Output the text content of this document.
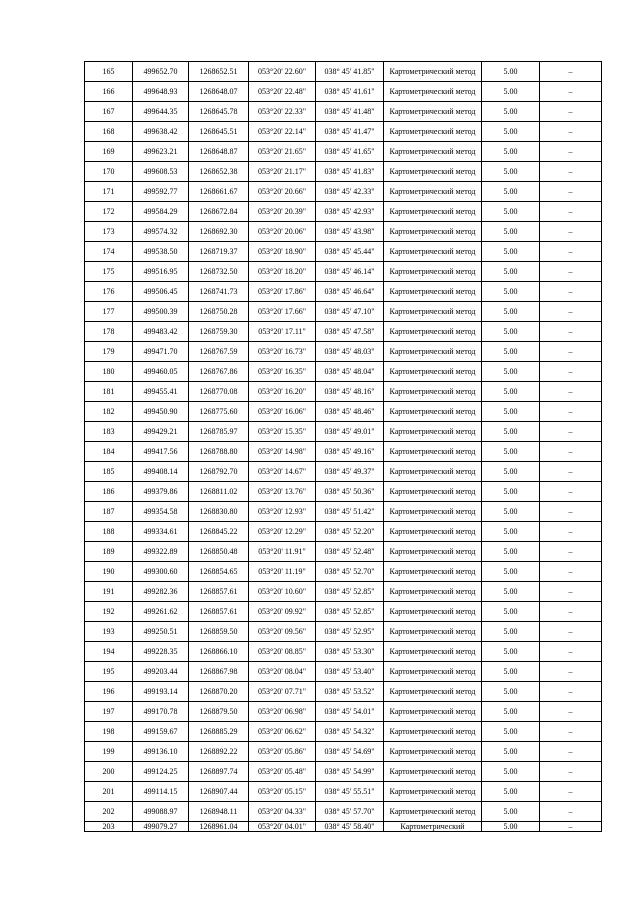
165	499652.70	1268652.51	053°20' 22.60"	038° 45' 41.85"	Картометрический метод	5.00	–
166	499648.93	1268648.07	053°20' 22.48"	038° 45' 41.61"	Картометрический метод	5.00	–
167	499644.35	1268645.78	053°20' 22.33"	038° 45' 41.48"	Картометрический метод	5.00	–
168	499638.42	1268645.51	053°20' 22.14"	038° 45' 41.47"	Картометрический метод	5.00	–
169	499623.21	1268648.87	053°20' 21.65"	038° 45' 41.65"	Картометрический метод	5.00	–
170	499608.53	1268652.38	053°20' 21.17"	038° 45' 41.83"	Картометрический метод	5.00	–
171	499592.77	1268661.67	053°20' 20.66"	038° 45' 42.33"	Картометрический метод	5.00	–
172	499584.29	1268672.84	053°20' 20.39"	038° 45' 42.93"	Картометрический метод	5.00	–
173	499574.32	1268692.30	053°20' 20.06"	038° 45' 43.98"	Картометрический метод	5.00	–
174	499538.50	1268719.37	053°20' 18.90"	038° 45' 45.44"	Картометрический метод	5.00	–
175	499516.95	1268732.50	053°20' 18.20"	038° 45' 46.14"	Картометрический метод	5.00	–
176	499506.45	1268741.73	053°20' 17.86"	038° 45' 46.64"	Картометрический метод	5.00	–
177	499500.39	1268750.28	053°20' 17.66"	038° 45' 47.10"	Картометрический метод	5.00	–
178	499483.42	1268759.30	053°20' 17.11"	038° 45' 47.58"	Картометрический метод	5.00	–
179	499471.70	1268767.59	053°20' 16.73"	038° 45' 48.03"	Картометрический метод	5.00	–
180	499460.05	1268767.86	053°20' 16.35"	038° 45' 48.04"	Картометрический метод	5.00	–
181	499455.41	1268770.08	053°20' 16.20"	038° 45' 48.16"	Картометрический метод	5.00	–
182	499450.90	1268775.60	053°20' 16.06"	038° 45' 48.46"	Картометрический метод	5.00	–
183	499429.21	1268785.97	053°20' 15.35"	038° 45' 49.01"	Картометрический метод	5.00	–
184	499417.56	1268788.80	053°20' 14.98"	038° 45' 49.16"	Картометрический метод	5.00	–
185	499408.14	1268792.70	053°20' 14.67"	038° 45' 49.37"	Картометрический метод	5.00	–
186	499379.86	1268811.02	053°20' 13.76"	038° 45' 50.36"	Картометрический метод	5.00	–
187	499354.58	1268830.80	053°20' 12.93"	038° 45' 51.42"	Картометрический метод	5.00	–
188	499334.61	1268845.22	053°20' 12.29"	038° 45' 52.20"	Картометрический метод	5.00	–
189	499322.89	1268850.48	053°20' 11.91"	038° 45' 52.48"	Картометрический метод	5.00	–
190	499300.60	1268854.65	053°20' 11.19"	038° 45' 52.70"	Картометрический метод	5.00	–
191	499282.36	1268857.61	053°20' 10.60"	038° 45' 52.85"	Картометрический метод	5.00	–
192	499261.62	1268857.61	053°20' 09.92"	038° 45' 52.85"	Картометрический метод	5.00	–
193	499250.51	1268859.50	053°20' 09.56"	038° 45' 52.95"	Картометрический метод	5.00	–
194	499228.35	1268866.10	053°20' 08.85"	038° 45' 53.30"	Картометрический метод	5.00	–
195	499203.44	1268867.98	053°20' 08.04"	038° 45' 53.40"	Картометрический метод	5.00	–
196	499193.14	1268870.20	053°20' 07.71"	038° 45' 53.52"	Картометрический метод	5.00	–
197	499170.78	1268879.50	053°20' 06.98"	038° 45' 54.01"	Картометрический метод	5.00	–
198	499159.67	1268885.29	053°20' 06.62"	038° 45' 54.32"	Картометрический метод	5.00	–
199	499136.10	1268892.22	053°20' 05.86"	038° 45' 54.69"	Картометрический метод	5.00	–
200	499124.25	1268897.74	053°20' 05.48"	038° 45' 54.99"	Картометрический метод	5.00	–
201	499114.15	1268907.44	053°20' 05.15"	038° 45' 55.51"	Картометрический метод	5.00	–
202	499088.97	1268948.11	053°20' 04.33"	038° 45' 57.70"	Картометрический метод	5.00	–
203	499079.27	1268961.04	053°20' 04.01"	038° 45' 58.40"	Картометрический	5.00	–
